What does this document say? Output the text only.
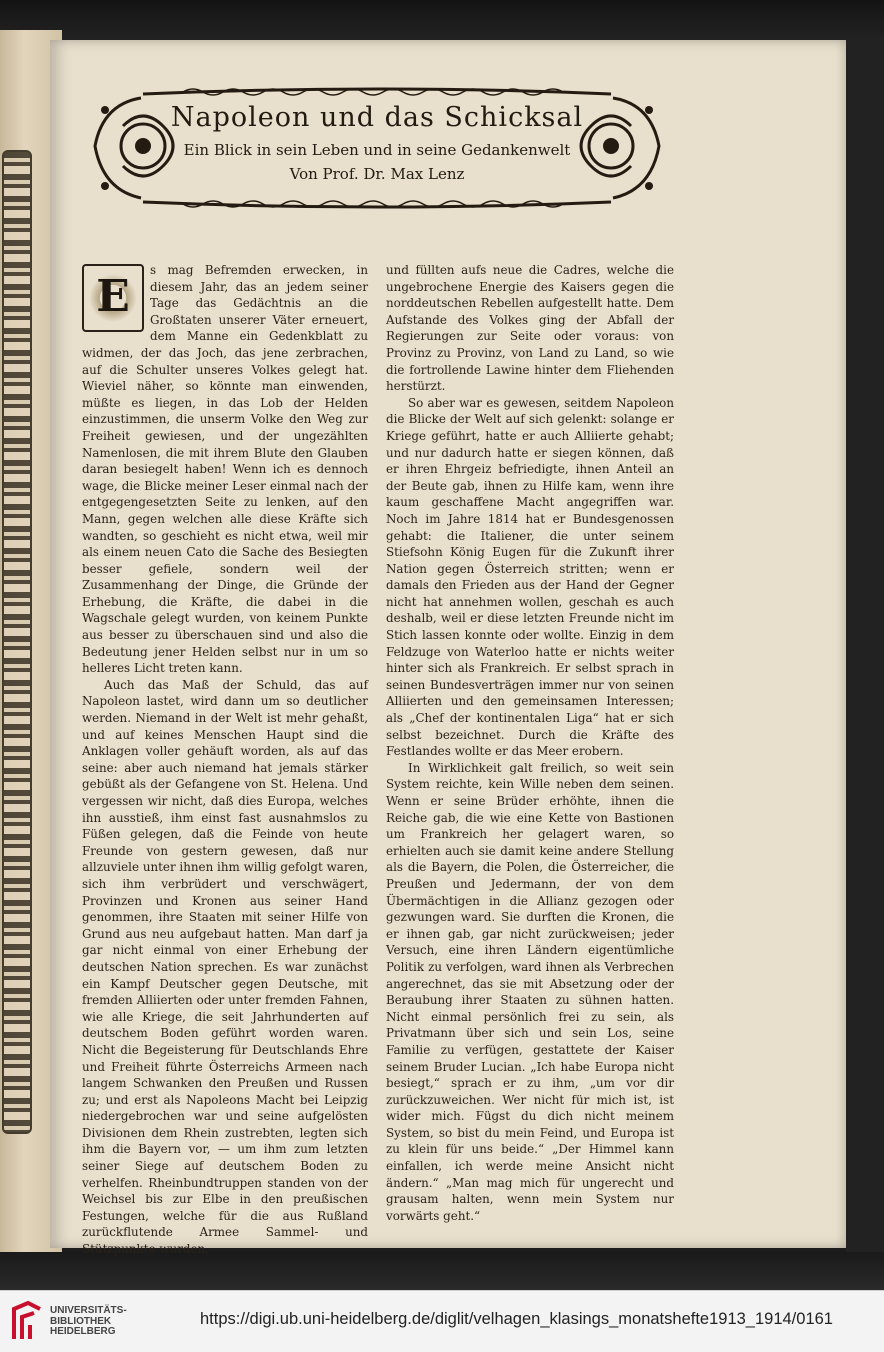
Napoleon und das Schicksal
Ein Blick in sein Leben und in seine Gedankenwelt
Von Prof. Dr. Max Lenz
E

s mag Befremden erwecken, in diesem Jahr, das an jedem seiner Tage das Gedächtnis an die Großtaten unserer Väter erneuert, dem Manne ein Gedenkblatt zu widmen, der das Joch, das jene zerbrachen, auf die Schulter unseres Volkes gelegt hat. Wieviel näher, so könnte man einwenden, müßte es liegen, in das Lob der Helden einzustimmen, die unserm Volke den Weg zur Freiheit gewiesen, und der ungezählten Namenlosen, die mit ihrem Blute den Glauben daran besiegelt haben! Wenn ich es dennoch wage, die Blicke meiner Leser einmal nach der entgegengesetzten Seite zu lenken, auf den Mann, gegen welchen alle diese Kräfte sich wandten, so geschieht es nicht etwa, weil mir als einem neuen Cato die Sache des Besiegten besser gefiele, sondern weil der Zusammenhang der Dinge, die Gründe der Erhebung, die Kräfte, die dabei in die Wagschale gelegt wurden, von keinem Punkte aus besser zu überschauen sind und also die Bedeutung jener Helden selbst nur in um so helleres Licht treten kann.

Auch das Maß der Schuld, das auf Napoleon lastet, wird dann um so deutlicher werden. Niemand in der Welt ist mehr gehaßt, und auf keines Menschen Haupt sind die Anklagen voller gehäuft worden, als auf das seine: aber auch niemand hat jemals stärker gebüßt als der Gefangene von St. Helena. Und vergessen wir nicht, daß dies Europa, welches ihn ausstieß, ihm einst fast ausnahmslos zu Füßen gelegen, daß die Feinde von heute Freunde von gestern gewesen, daß nur allzuviele unter ihnen ihm willig gefolgt waren, sich ihm verbrüdert und verschwägert, Provinzen und Kronen aus seiner Hand genommen, ihre Staaten mit seiner Hilfe von Grund aus neu aufgebaut hatten. Man darf ja gar nicht einmal von einer Erhebung der deutschen Nation sprechen. Es war zunächst ein Kampf Deutscher gegen Deutsche, mit fremden Alliierten oder unter fremden Fahnen, wie alle Kriege, die seit Jahrhunderten auf deutschem Boden geführt worden waren. Nicht die Begeisterung für Deutschlands Ehre und Freiheit führte Österreichs Armeen nach langem Schwanken den Preußen und Russen zu; und erst als Napoleons Macht bei Leipzig niedergebrochen war und seine aufgelösten Divisionen dem Rhein zustrebten, legten sich ihm die Bayern vor, — um ihm zum letzten seiner Siege auf deutschem Boden zu verhelfen. Rheinbundtruppen standen von der Weichsel bis zur Elbe in den preußischen Festungen, welche für die aus Rußland zurückflutende Armee Sammel- und Stützpunkte wurden,

und füllten aufs neue die Cadres, welche die ungebrochene Energie des Kaisers gegen die norddeutschen Rebellen aufgestellt hatte. Dem Aufstande des Volkes ging der Abfall der Regierungen zur Seite oder voraus: von Provinz zu Provinz, von Land zu Land, so wie die fortrollende Lawine hinter dem Fliehenden herstürzt.

So aber war es gewesen, seitdem Napoleon die Blicke der Welt auf sich gelenkt: solange er Kriege geführt, hatte er auch Alliierte gehabt; und nur dadurch hatte er siegen können, daß er ihren Ehrgeiz befriedigte, ihnen Anteil an der Beute gab, ihnen zu Hilfe kam, wenn ihre kaum geschaffene Macht angegriffen war. Noch im Jahre 1814 hat er Bundesgenossen gehabt: die Italiener, die unter seinem Stiefsohn König Eugen für die Zukunft ihrer Nation gegen Österreich stritten; wenn er damals den Frieden aus der Hand der Gegner nicht hat annehmen wollen, geschah es auch deshalb, weil er diese letzten Freunde nicht im Stich lassen konnte oder wollte. Einzig in dem Feldzuge von Waterloo hatte er nichts weiter hinter sich als Frankreich. Er selbst sprach in seinen Bundesverträgen immer nur von seinen Alliierten und den gemeinsamen Interessen; als „Chef der kontinentalen Liga“ hat er sich selbst bezeichnet. Durch die Kräfte des Festlandes wollte er das Meer erobern.

In Wirklichkeit galt freilich, so weit sein System reichte, kein Wille neben dem seinen. Wenn er seine Brüder erhöhte, ihnen die Reiche gab, die wie eine Kette von Bastionen um Frankreich her gelagert waren, so erhielten auch sie damit keine andere Stellung als die Bayern, die Polen, die Österreicher, die Preußen und Jedermann, der von dem Übermächtigen in die Allianz gezogen oder gezwungen ward. Sie durften die Kronen, die er ihnen gab, gar nicht zurückweisen; jeder Versuch, eine ihren Ländern eigentümliche Politik zu verfolgen, ward ihnen als Verbrechen angerechnet, das sie mit Absetzung oder der Beraubung ihrer Staaten zu sühnen hatten. Nicht einmal persönlich frei zu sein, als Privatmann über sich und sein Los, seine Familie zu verfügen, gestattete der Kaiser seinem Bruder Lucian. „Ich habe Europa nicht besiegt,“ sprach er zu ihm, „um vor dir zurückzuweichen. Wer nicht für mich ist, ist wider mich. Fügst du dich nicht meinem System, so bist du mein Feind, und Europa ist zu klein für uns beide.“ „Der Himmel kann einfallen, ich werde meine Ansicht nicht ändern.“ „Man mag mich für ungerecht und grausam halten, wenn mein System nur vorwärts geht.“

UNIVERSITÄTS-
BIBLIOTHEK
HEIDELBERG
https://digi.ub.uni-heidelberg.de/diglit/velhagen_klasings_monatshefte1913_1914/0161
